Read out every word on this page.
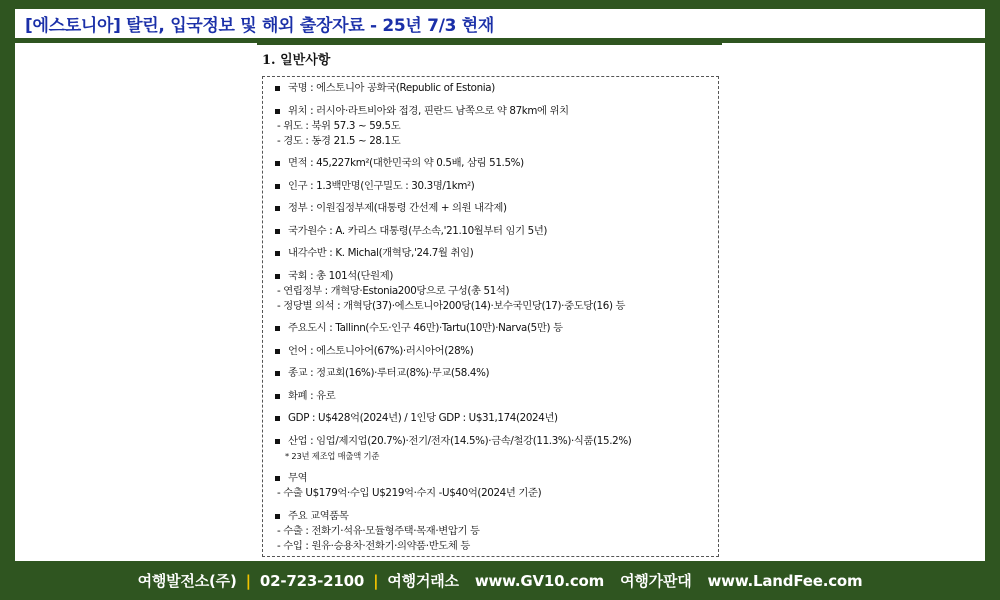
[에스토니아] 탈린, 입국정보 및 해외 출장자료 - 25년 7/3 현재
1. 일반사항
국명 : 에스토니아 공화국(Republic of Estonia)
위치 : 러시아·라트비아와 접경, 핀란드 남쪽으로 약 87km에 위치
- 위도 : 북위 57.3 ~ 59.5도
- 경도 : 동경 21.5 ~ 28.1도
면적 : 45,227km²(대한민국의 약 0.5배, 삼림 51.5%)
인구 : 1.3백만명(인구밀도 : 30.3명/1km²)
정부 : 이원집정부제(대통령 간선제 + 의원 내각제)
국가원수 : A. 카리스 대통령(무소속,'21.10월부터 임기 5년)
내각수반 : K. Michal(개혁당,'24.7월 취임)
국회 : 총 101석(단원제)
- 연립정부 : 개혁당·Estonia200당으로 구성(총 51석)
- 정당별 의석 : 개혁당(37)·에스토니아200당(14)·보수국민당(17)·중도당(16) 등
주요도시 : Tallinn(수도·인구 46만)·Tartu(10만)·Narva(5만) 등
언어 : 에스토니아어(67%)·러시아어(28%)
종교 : 정교회(16%)·루터교(8%)·무교(58.4%)
화폐 : 유로
GDP : U$428억(2024년) / 1인당 GDP : U$31,174(2024년)
산업 : 임업/제지업(20.7%)·전기/전자(14.5%)·금속/철강(11.3%)·식품(15.2%)
* 23년 제조업 매출액 기준
무역
- 수출 U$179억·수입 U$219억·수지 -U$40억(2024년 기준)
주요 교역품목
- 수출 : 전화기·석유·모듈형주택·목재·변압기 등
- 수입 : 원유·승용차·전화기·의약품·반도체 등
여행발전소(주) | 02-723-2100 | 여행거래소 www.GV10.com 여행가판대 www.LandFee.com
